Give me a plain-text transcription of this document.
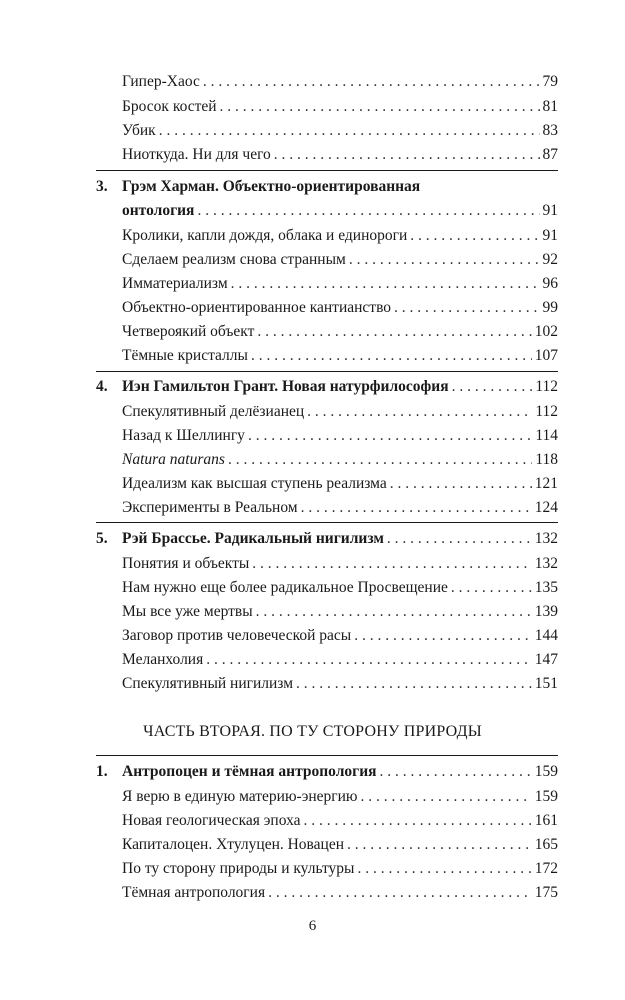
Гипер-Хаос . . .	79
Бросок костей . . .	81
Убик . . .	83
Ниоткуда. Ни для чего . . .	87
3. Грэм Харман. Объектно-ориентированная
онтология . . .	91
Кролики, капли дождя, облака и единороги . . .	91
Сделаем реализм снова странным . . .	92
Имматериализм . . .	96
Объектно-ориентированное кантианство . . .	99
Четвероякий объект . . .	102
Тёмные кристаллы . . .	107
4. Иэн Гамильтон Грант. Новая натурфилософия . . .	112
Спекулятивный делёзианец . . .	112
Назад к Шеллингу . . .	114
Natura naturans . . .	118
Идеализм как высшая ступень реализма . . .	121
Эксперименты в Реальном . . .	124
5. Рэй Брассье. Радикальный нигилизм . . .	132
Понятия и объекты . . .	132
Нам нужно еще более радикальное Просвещение . . .	135
Мы все уже мертвы . . .	139
Заговор против человеческой расы . . .	144
Меланхолия . . .	147
Спекулятивный нигилизм . . .	151
ЧАСТЬ ВТОРАЯ. ПО ТУ СТОРОНУ ПРИРОДЫ
1. Антропоцен и тёмная антропология . . .	159
Я верю в единую материю-энергию . . .	159
Новая геологическая эпоха . . .	161
Капиталоцен. Хтулуцен. Новацен . . .	165
По ту сторону природы и культуры . . .	172
Тёмная антропология . . .	175
6
